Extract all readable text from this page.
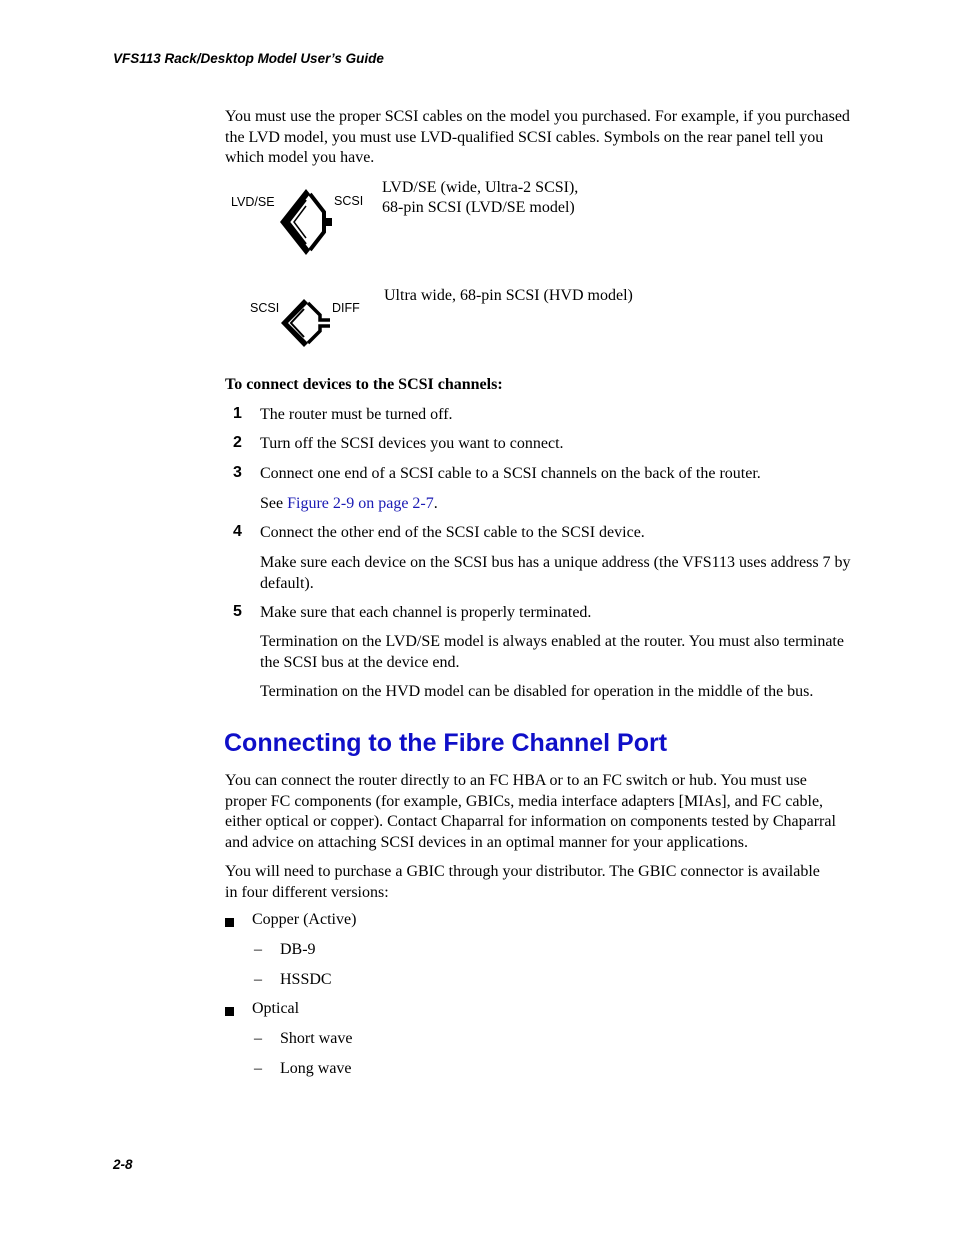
VFS113 Rack/Desktop Model User’s Guide
You must use the proper SCSI cables on the model you purchased. For example, if you purchased the LVD model, you must use LVD-qualified SCSI cables. Symbols on the rear panel tell you which model you have.
LVD/SE	SCSI
LVD/SE (wide, Ultra-2 SCSI),
68-pin SCSI (LVD/SE model)
SCSI	DIFF
Ultra wide, 68-pin SCSI (HVD model)
To connect devices to the SCSI channels:
1 The router must be turned off.
2 Turn off the SCSI devices you want to connect.
3 Connect one end of a SCSI cable to a SCSI channels on the back of the router.
See Figure 2-9 on page 2-7.
4 Connect the other end of the SCSI cable to the SCSI device.
Make sure each device on the SCSI bus has a unique address (the VFS113 uses address 7 by default).
5 Make sure that each channel is properly terminated.
Termination on the LVD/SE model is always enabled at the router. You must also terminate the SCSI bus at the device end.
Termination on the HVD model can be disabled for operation in the middle of the bus.
Connecting to the Fibre Channel Port
You can connect the router directly to an FC HBA or to an FC switch or hub. You must use proper FC components (for example, GBICs, media interface adapters [MIAs], and FC cable, either optical or copper). Contact Chaparral for information on components tested by Chaparral and advice on attaching SCSI devices in an optimal manner for your applications.
You will need to purchase a GBIC through your distributor. The GBIC connector is available in four different versions:
Copper (Active)
– DB-9
– HSSDC
Optical
– Short wave
– Long wave
2-8
